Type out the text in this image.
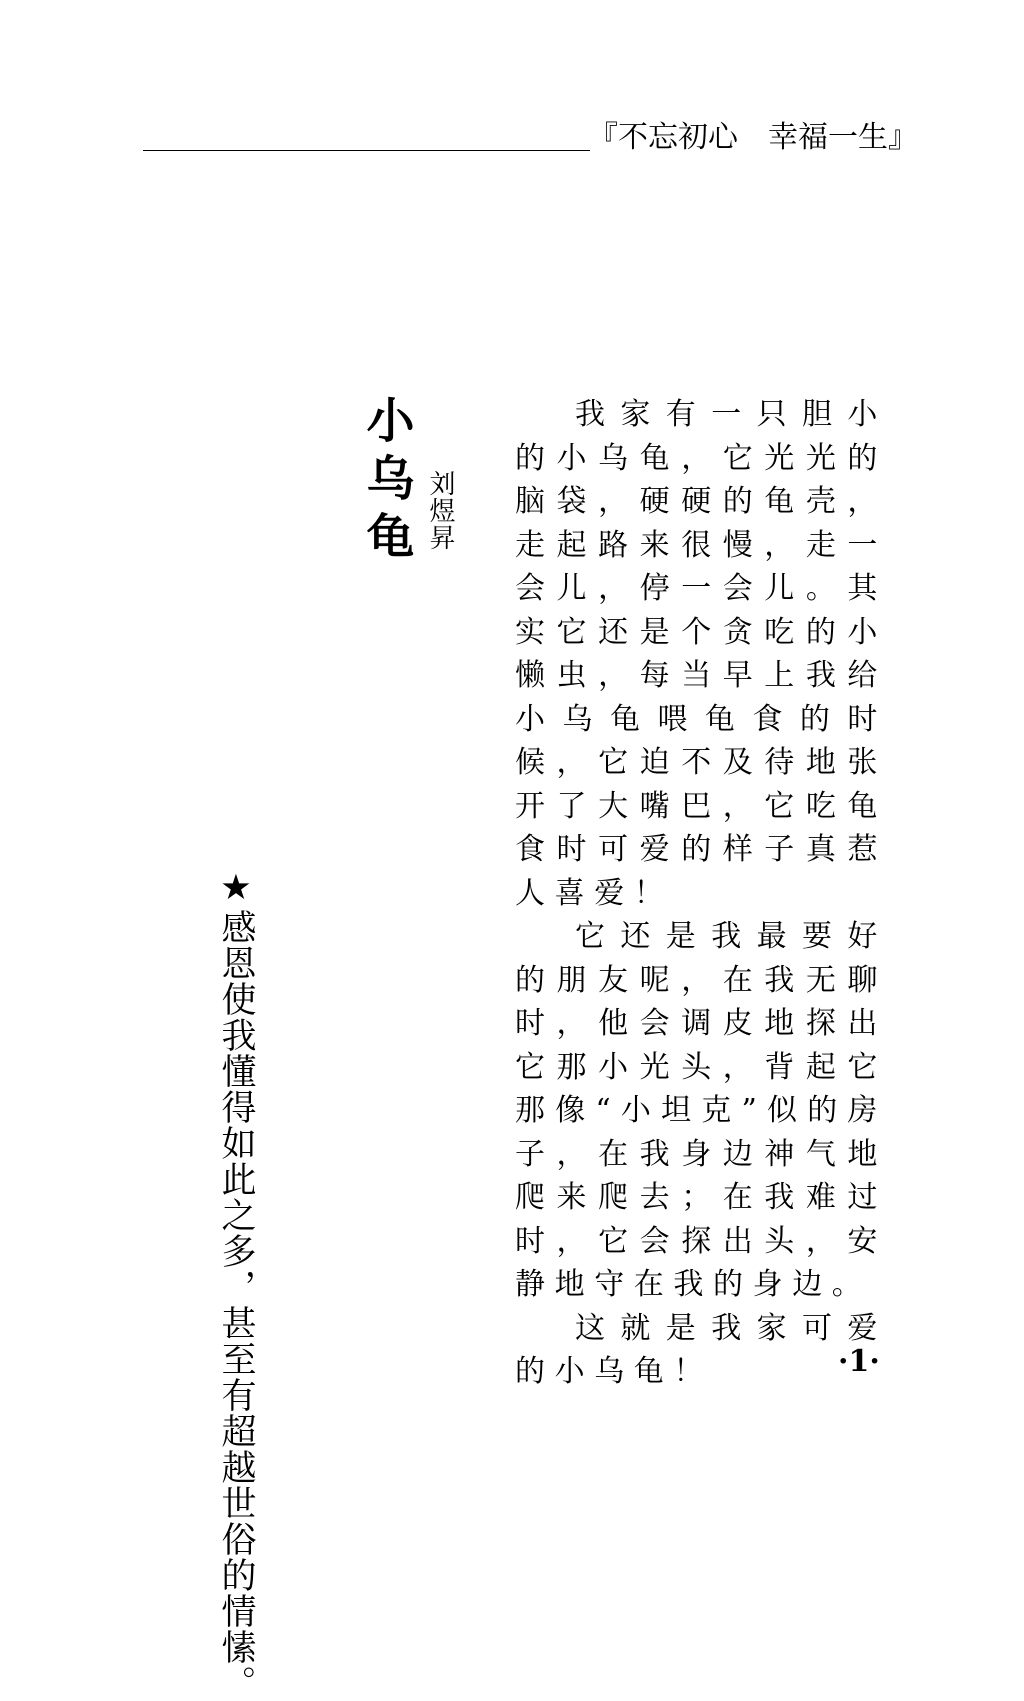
『不忘初心　幸福一生』
小乌龟 刘煜昇

我家有一只胆小的小乌龟，它光光的脑袋，硬硬的龟壳，走起路来很慢，走一会儿，停一会儿。其实它还是个贪吃的小懒虫，每当早上我给小乌龟喂龟食的时候，它迫不及待地张开了大嘴巴，它吃龟食时可爱的样子真惹人喜爱！

它还是我最要好的朋友呢，在我无聊时，他会调皮地探出它那小光头，背起它那像“小坦克”似的房子，在我身边神气地爬来爬去；在我难过时，它会探出头，安静地守在我的身边。

这就是我家可爱的小乌龟！

★感恩使我懂得如此之多，甚至有超越世俗的情愫。	·1·
